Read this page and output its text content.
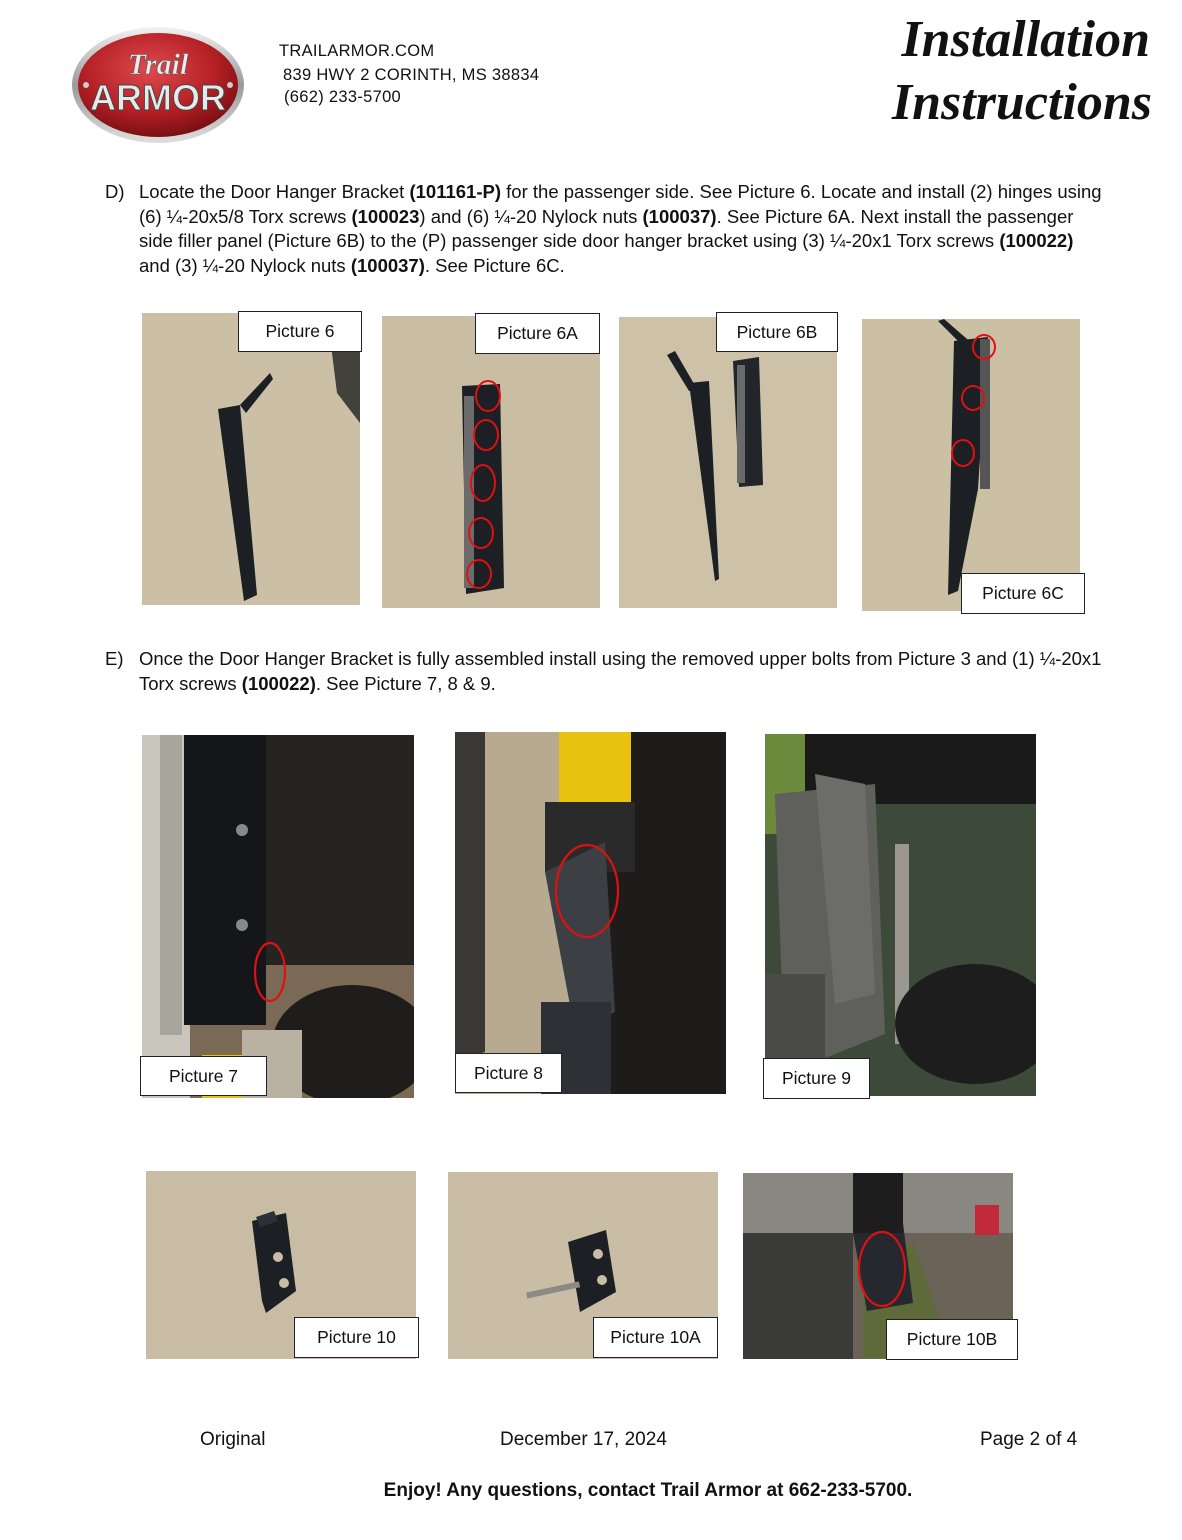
Trail
ARMOR
TRAILARMOR.COM
839 HWY 2 CORINTH, MS 38834
(662) 233-5700
Installation
Instructions
D) Locate the Door Hanger Bracket (101161-P) for the passenger side. See Picture 6. Locate and install (2) hinges using (6) ¼-20x5/8 Torx screws (100023) and (6) ¼-20 Nylock nuts (100037). See Picture 6A. Next install the passenger side filler panel (Picture 6B) to the (P) passenger side door hanger bracket using (3) ¼-20x1 Torx screws (100022) and (3) ¼-20 Nylock nuts (100037). See Picture 6C.
Picture 6	Picture 6A	Picture 6B
Picture 6C
E) Once the Door Hanger Bracket is fully assembled install using the removed upper bolts from Picture 3 and (1) ¼-20x1 Torx screws (100022). See Picture 7, 8 & 9.
Picture 7	Picture 8	Picture 9
Picture 10	Picture 10A	Picture 10B
Original	December 17, 2024	Page 2 of 4
Enjoy! Any questions, contact Trail Armor at 662-233-5700.
